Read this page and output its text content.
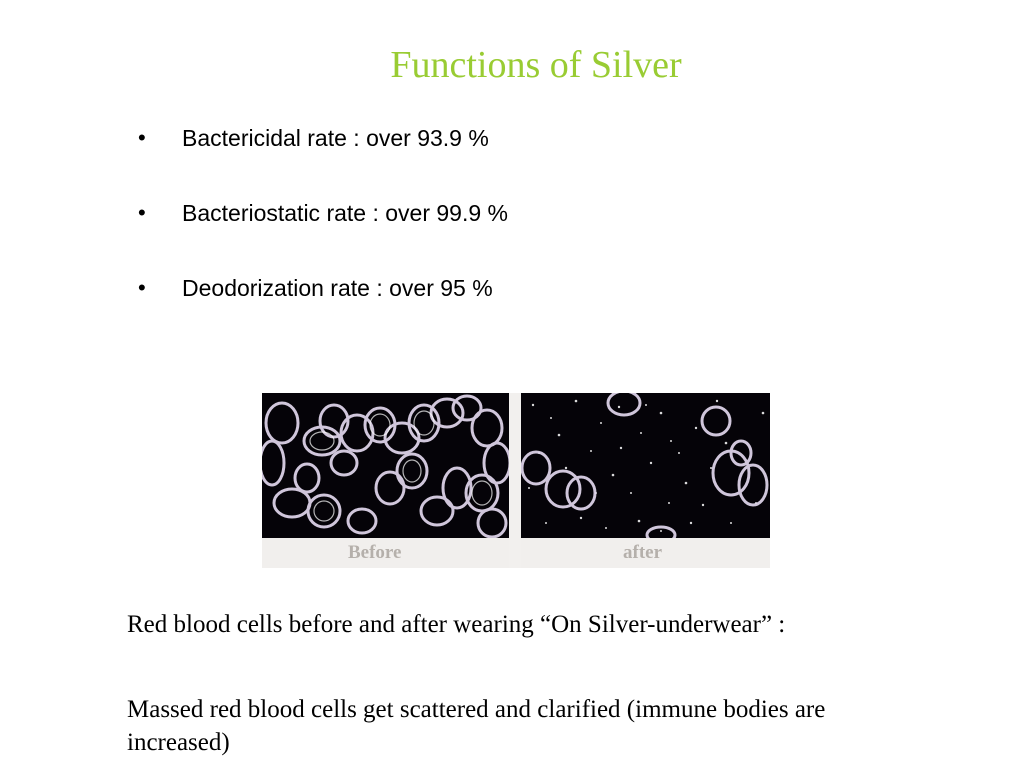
Functions of Silver
•	Bactericidal rate : over 93.9 %
•	Bacteriostatic rate : over 99.9 %
•	Deodorization rate : over 95 %
Before	after
Red blood cells before and after wearing “On Silver-underwear” :
Massed red blood cells get scattered and clarified (immune bodies are increased)
